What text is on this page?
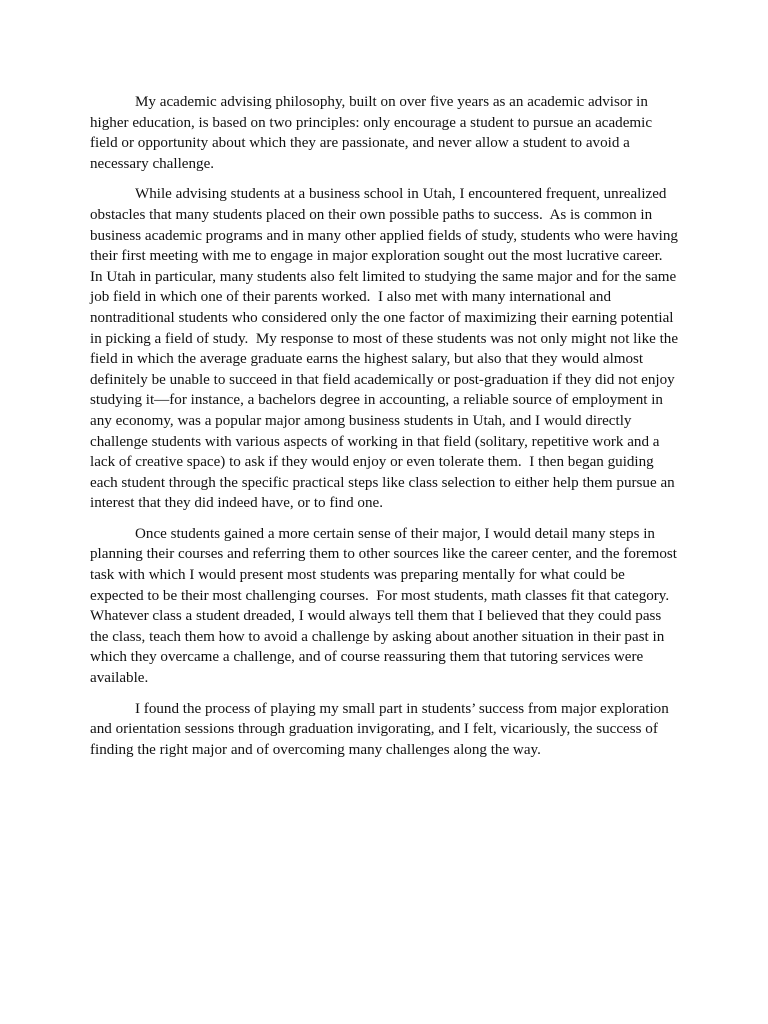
My academic advising philosophy, built on over five years as an academic advisor in higher education, is based on two principles: only encourage a student to pursue an academic field or opportunity about which they are passionate, and never allow a student to avoid a necessary challenge.

While advising students at a business school in Utah, I encountered frequent, unrealized obstacles that many students placed on their own possible paths to success.  As is common in business academic programs and in many other applied fields of study, students who were having their first meeting with me to engage in major exploration sought out the most lucrative career.  In Utah in particular, many students also felt limited to studying the same major and for the same job field in which one of their parents worked.  I also met with many international and nontraditional students who considered only the one factor of maximizing their earning potential in picking a field of study.  My response to most of these students was not only might not like the field in which the average graduate earns the highest salary, but also that they would almost definitely be unable to succeed in that field academically or post-graduation if they did not enjoy studying it—for instance, a bachelors degree in accounting, a reliable source of employment in any economy, was a popular major among business students in Utah, and I would directly challenge students with various aspects of working in that field (solitary, repetitive work and a lack of creative space) to ask if they would enjoy or even tolerate them.  I then began guiding each student through the specific practical steps like class selection to either help them pursue an interest that they did indeed have, or to find one.

Once students gained a more certain sense of their major, I would detail many steps in planning their courses and referring them to other sources like the career center, and the foremost task with which I would present most students was preparing mentally for what could be expected to be their most challenging courses.  For most students, math classes fit that category. Whatever class a student dreaded, I would always tell them that I believed that they could pass the class, teach them how to avoid a challenge by asking about another situation in their past in which they overcame a challenge, and of course reassuring them that tutoring services were available.

I found the process of playing my small part in students’ success from major exploration and orientation sessions through graduation invigorating, and I felt, vicariously, the success of finding the right major and of overcoming many challenges along the way.
